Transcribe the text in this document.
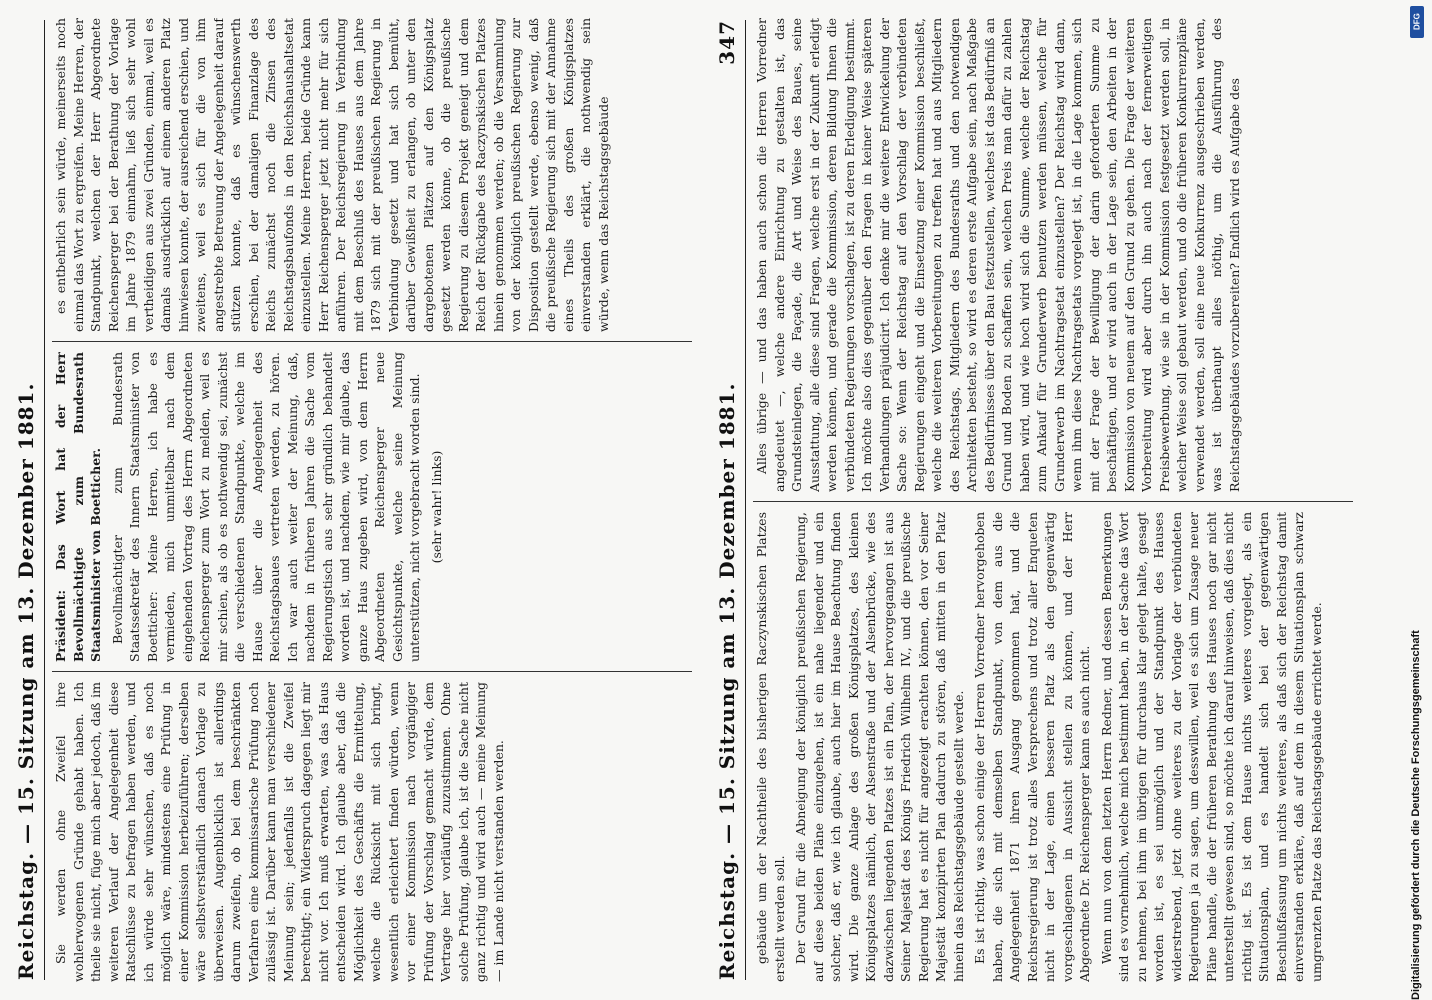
Reichstag. — 15. Sitzung am 13. Dezember 1881. Sie werden ohne Zweifel ihre wohlerwogenen Gründe gehabt haben. Ich theile sie nicht, füge mich aber jedoch, daß im weiteren Verlauf der Angelegenheit diese Ratschlüsse zu befragen haben werden, und ich würde sehr wünschen, daß es noch möglich wäre, mindestens eine Prüfung in einer Kommission herbeizuführen; derselben wäre selbstverständlich danach Vorlage zu überweisen. Augenblicklich ist allerdings darum zweifeln, ob bei dem beschränkten Verfahren eine kommissarische Prüfung noch zulässig ist. Darüber kann man verschiedener Meinung sein; jedenfalls ist die Zweifel berechtigt; ein Widerspruch dagegen liegt mir nicht vor. Ich muß erwarten, was das Haus entscheiden wird. Ich glaube aber, daß die Möglichkeit des Geschäfts die Ermittelung, welche die Rücksicht mit sich bringt, wesentlich erleichtert finden würden, wenn vor einer Kommission nach vorgängiger Prüfung der Vorschlag gemacht würde, dem Vertrage hier vorläufig zuzustimmen. Ohne solche Prüfung, glaube ich, ist die Sache nicht ganz richtig und wird auch — meine Meinung — im Lande nicht verstanden werden.

Präsident: Das Wort hat der Herr Bevollmächtigte zum Bundesrath Staatsminister von Boetticher. Bevollmächtigter zum Bundesrath Staatssekretär des Innern Staatsminister von Boetticher: Meine Herren, ich habe es vermieden, mich unmittelbar nach dem eingehenden Vortrag des Herrn Abgeordneten Reichensperger zum Wort zu melden, weil es mir schien, als ob es nothwendig sei, zunächst die verschiedenen Standpunkte, welche im Hause über die Angelegenheit des Reichstagsbaues vertreten werden, zu hören. Ich war auch weiter der Meinung, daß, nachdem in früheren Jahren die Sache vom Regierungstisch aus sehr gründlich behandelt worden ist, und nachdem, wie mir glaube, das ganze Haus zugeben wird, von dem Herrn Abgeordneten Reichensperger neue Gesichtspunkte, welche seine Meinung unterstützen, nicht vorgebracht worden sind. (sehr wahr! links)

es entbehrlich sein würde, meinerseits noch einmal das Wort zu ergreifen. Meine Herren, der Standpunkt, welchen der Herr Abgeordnete Reichensperger bei der Berathung der Vorlage im Jahre 1879 einnahm, ließ sich sehr wohl vertheidigen aus zwei Gründen, einmal, weil es damals ausdrücklich auf einem anderen Platz hinwiesen konnte, der ausreichend erschien, und zweitens, weil es sich für die von ihm angestrebte Betreuung der Angelegenheit darauf stützen konnte, daß es wünschenswerth erschien, bei der damaligen Finanzlage des Reichs zunächst noch die Zinsen des Reichstagsbaufonds in den Reichshaushaltsetat einzustellen. Meine Herren, beide Gründe kann Herr Reichensperger jetzt nicht mehr für sich anführen. Der Reichsregierung in Verbindung mit dem Beschluß des Hauses aus dem Jahre 1879 sich mit der preußischen Regierung in Verbindung gesetzt und hat sich bemüht, darüber Gewißheit zu erlangen, ob unter den dargebotenen Plätzen auf den Königsplatz gesetzt werden könne, ob die preußische Regierung zu diesem Projekt geneigt und dem Reich der Rückgabe des Raczynskischen Platzes hinein genommen werden; ob die Versammlung von der königlich preußischen Regierung zur Disposition gestellt werde, ebenso wenig, daß die preußische Regierung sich mit der Annahme eines Theils des großen Königsplatzes einverstanden erklärt, die nothwendig sein würde, wenn das Reichstagsgebäude

Reichstag. — 15. Sitzung am 13. Dezember 1881.
347

gebäude um der Nachtheile des bisherigen Raczynskischen Platzes erstellt werden soll. Der Grund für die Abneigung der königlich preußischen Regierung, auf diese beiden Pläne einzugehen, ist ein nahe liegender und ein solcher, daß er, wie ich glaube, auch hier im Hause Beachtung finden wird. Die ganze Anlage des großen Königsplatzes, des kleinen Königsplatzes nämlich, der Alsenstraße und der Alsenbrücke, wie des dazwischen liegenden Platzes ist ein Plan, der hervorgegangen ist aus Seiner Majestät des Königs Friedrich Wilhelm IV., und die preußische Regierung hat es nicht für angezeigt erachten können, den vor Seiner Majestät konzipirten Plan dadurch zu stören, daß mitten in den Platz hinein das Reichstagsgebäude gestellt werde. Es ist richtig, was schon einige der Herren Vorredner hervorgehoben haben, die sich mit demselben Standpunkt, von dem aus die Angelegenheit 1871 ihren Ausgang genommen hat, und die Reichsregierung ist trotz alles Versprechens und trotz aller Enqueten nicht in der Lage, einen besseren Platz als den gegenwärtig vorgeschlagenen in Aussicht stellen zu können, und der Herr Abgeordnete Dr. Reichensperger kann es auch nicht. Wenn nun von dem letzten Herrn Redner, und dessen Bemerkungen sind es vornehmlich, welche mich bestimmt haben, in der Sache das Wort zu nehmen, bei ihm im übrigen für durchaus klar gelegt halte, gesagt worden ist, es sei unmöglich und der Standpunkt des Hauses widerstrebend, jetzt ohne weiteres zu der Vorlage der verbündeten Regierungen ja zu sagen, um desswillen, weil es sich um Zusage neuer Pläne handle, die der früheren Berathung des Hauses noch gar nicht unterstellt gewesen sind, so möchte ich darauf hinweisen, daß dies nicht richtig ist. Es ist dem Hause nichts weiteres vorgelegt, als ein Situationsplan, und es handelt sich bei der gegenwärtigen Beschlußfassung um nichts weiteres, als daß sich der Reichstag damit einverstanden erkläre, daß auf dem in diesem Situationsplan schwarz umgrenzten Platze das Reichstagsgebäude errichtet werde.

Alles übrige — und das haben auch schon die Herren Vorredner angedeutet —, welche andere Einrichtung zu gestalten ist, das Grundsteinlegen, die Façade, die Art und Weise des Baues, seine Ausstattung, alle diese sind Fragen, welche erst in der Zukunft erledigt werden können, und gerade die Kommission, deren Bildung Ihnen die verbündeten Regierungen vorschlagen, ist zu deren Erledigung bestimmt. Ich möchte also dies gegenüber den Fragen in keiner Weise späteren Verhandlungen präjudicirt. Ich denke mir die weitere Entwickelung der Sache so: Wenn der Reichstag auf den Vorschlag der verbündeten Regierungen eingeht und die Einsetzung einer Kommission beschließt, welche die weiteren Vorbereitungen zu treffen hat und aus Mitgliedern des Reichstags, Mitgliedern des Bundesraths und den notwendigen Architekten besteht, so wird es deren erste Aufgabe sein, nach Maßgabe des Bedürfnisses über den Bau festzustellen, welches ist das Bedürfniß an Grund und Boden zu schaffen sein, welchen Preis man dafür zu zahlen haben wird, und wie hoch wird sich die Summe, welche der Reichstag zum Ankauf für Grunderwerb benutzen werden müssen, welche für Grunderwerb im Nachtragsetat einzustellen? Der Reichstag wird dann, wenn ihm diese Nachtragsetats vorgelegt ist, in die Lage kommen, sich mit der Frage der Bewilligung der darin geforderten Summe zu beschäftigen, und er wird auch in der Lage sein, den Arbeiten in der Kommission von neuem auf den Grund zu gehen. Die Frage der weiteren Vorbereitung wird aber durch ihn auch nach der fernerweitigen Preisbewerbung, wie sie in der Kommission festgesetzt werden soll, in welcher Weise soll gebaut werden, und ob die früheren Konkurrenzpläne verwendet werden, soll eine neue Konkurrenz ausgeschrieben werden, was ist überhaupt alles nöthig, um die Ausführung des Reichstagsgebäudes vorzubereiten? Endlich wird es Aufgabe des

Digitalisierung gefördert durch die Deutsche Forschungsgemeinschaft
DFG
